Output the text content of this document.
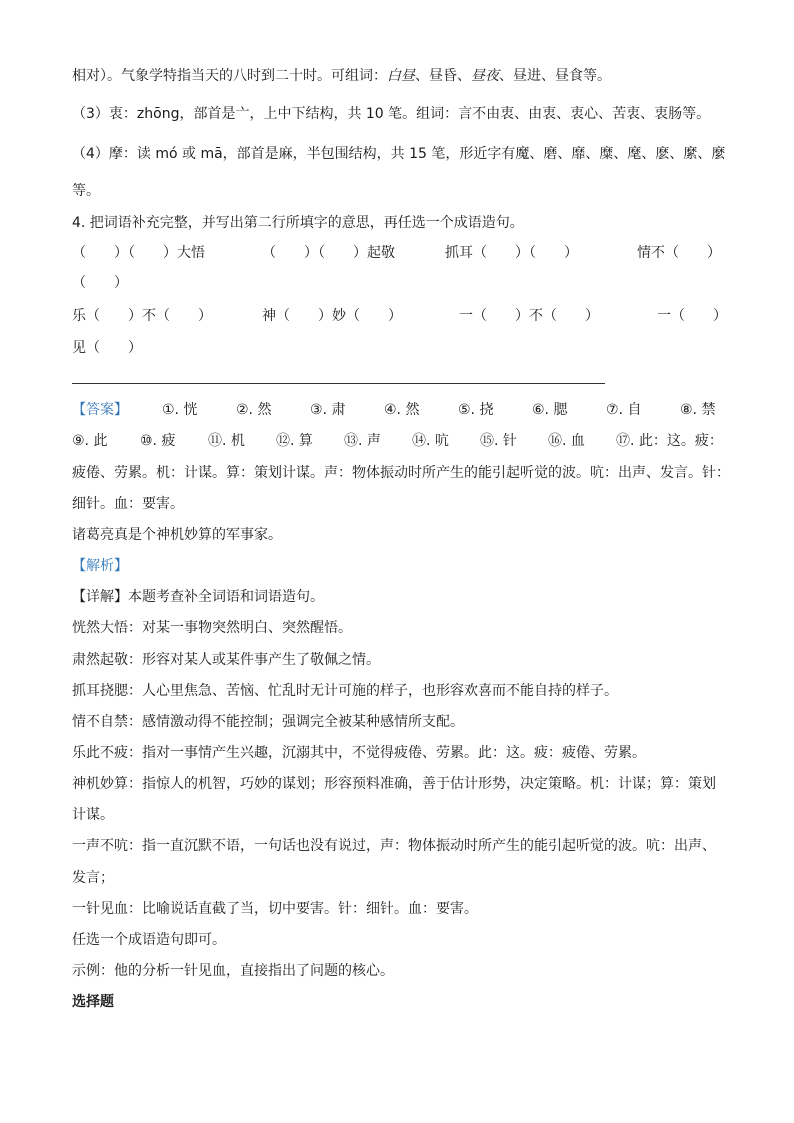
相对）。气象学特指当天的八时到二十时。可组词：白昼、昼昏、昼夜、昼进、昼食等。
（3）衷：zhōng，部首是亠，上中下结构，共 10 笔。组词：言不由衷、由衷、衷心、苦衷、衷肠等。
（4）摩：读 mó 或 mā，部首是麻，半包围结构，共 15 笔，形近字有魔、磨、靡、糜、麾、麽、縻、麼
等。
4. 把词语补充完整，并写出第二行所填字的意思，再任选一个成语造句。
（　　）（　　）大悟	（　　）（　　）起敬	抓耳（　　）（　　）	情不（　　）
（　　）
乐（　　）不（　　）	神（　　）妙（　　）	一（　　）不（　　）	一（　　）
见（　　）
【答案】 ①. 恍	②. 然	③. 肃	④. 然	⑤. 挠	⑥. 腮	⑦. 自	⑧. 禁
⑨. 此 ⑩. 疲 ⑪. 机 ⑫. 算 ⑬. 声 ⑭. 吭 ⑮. 针 ⑯. 血 ⑰. 此：这。疲：
疲倦、劳累。机：计谋。算：策划计谋。声：物体振动时所产生的能引起听觉的波。吭：出声、发言。针：
细针。血：要害。
诸葛亮真是个神机妙算的军事家。
【解析】
【详解】本题考查补全词语和词语造句。
恍然大悟：对某一事物突然明白、突然醒悟。
肃然起敬：形容对某人或某件事产生了敬佩之情。
抓耳挠腮：人心里焦急、苦恼、忙乱时无计可施的样子，也形容欢喜而不能自持的样子。
情不自禁：感情激动得不能控制；强调完全被某种感情所支配。
乐此不疲：指对一事情产生兴趣，沉溺其中，不觉得疲倦、劳累。此：这。疲：疲倦、劳累。
神机妙算：指惊人的机智，巧妙的谋划；形容预料准确，善于估计形势，决定策略。机：计谋；算：策划
计谋。
一声不吭：指一直沉默不语，一句话也没有说过，声：物体振动时所产生的能引起听觉的波。吭：出声、
发言；
一针见血：比喻说话直截了当，切中要害。针：细针。血：要害。
任选一个成语造句即可。
示例：他的分析一针见血，直接指出了问题的核心。
选择题
